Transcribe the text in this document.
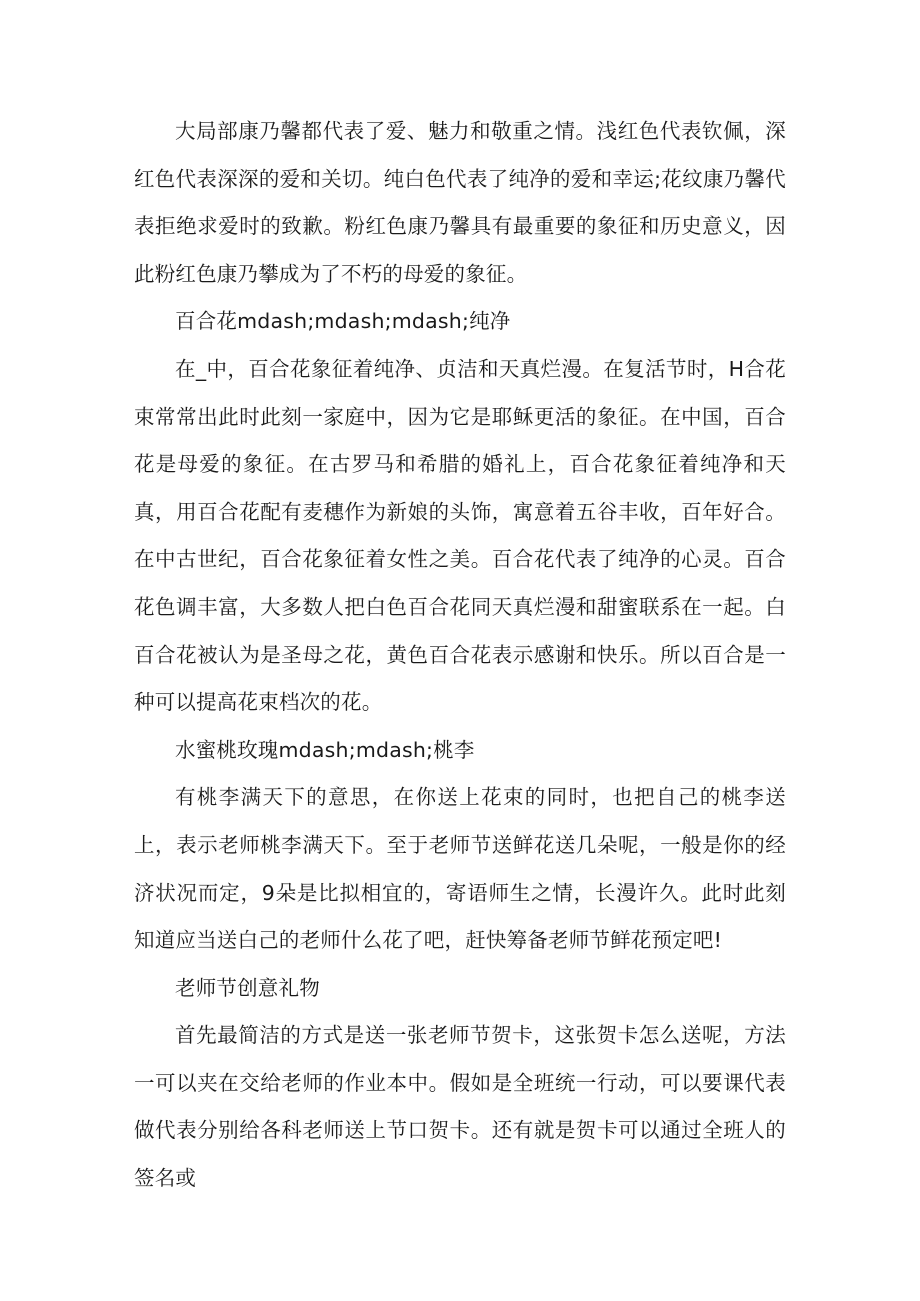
大局部康乃馨都代表了爱、魅力和敬重之情。浅红色代表钦佩，深红色代表深深的爱和关切。纯白色代表了纯净的爱和幸运;花纹康乃馨代表拒绝求爱时的致歉。粉红色康乃馨具有最重要的象征和历史意义，因此粉红色康乃攀成为了不朽的母爱的象征。

百合花mdash;mdash;mdash;纯净

在_中，百合花象征着纯净、贞洁和天真烂漫。在复活节时，H合花束常常出此时此刻一家庭中，因为它是耶稣更活的象征。在中国，百合花是母爱的象征。在古罗马和希腊的婚礼上，百合花象征着纯净和天真，用百合花配有麦穗作为新娘的头饰，寓意着五谷丰收，百年好合。在中古世纪，百合花象征着女性之美。百合花代表了纯净的心灵。百合花色调丰富，大多数人把白色百合花同天真烂漫和甜蜜联系在一起。白百合花被认为是圣母之花，黄色百合花表示感谢和快乐。所以百合是一种可以提高花束档次的花。

水蜜桃玫瑰mdash;mdash;桃李

有桃李满天下的意思，在你送上花束的同时，也把自己的桃李送上，表示老师桃李满天下。至于老师节送鲜花送几朵呢，一般是你的经济状况而定，9朵是比拟相宜的，寄语师生之情，长漫许久。此时此刻知道应当送白己的老师什么花了吧，赶快筹备老师节鲜花预定吧!

老师节创意礼物

首先最简洁的方式是送一张老师节贺卡，这张贺卡怎么送呢，方法一可以夹在交给老师的作业本中。假如是全班统一行动，可以要课代表做代表分别给各科老师送上节口贺卡。还有就是贺卡可以通过全班人的签名或
